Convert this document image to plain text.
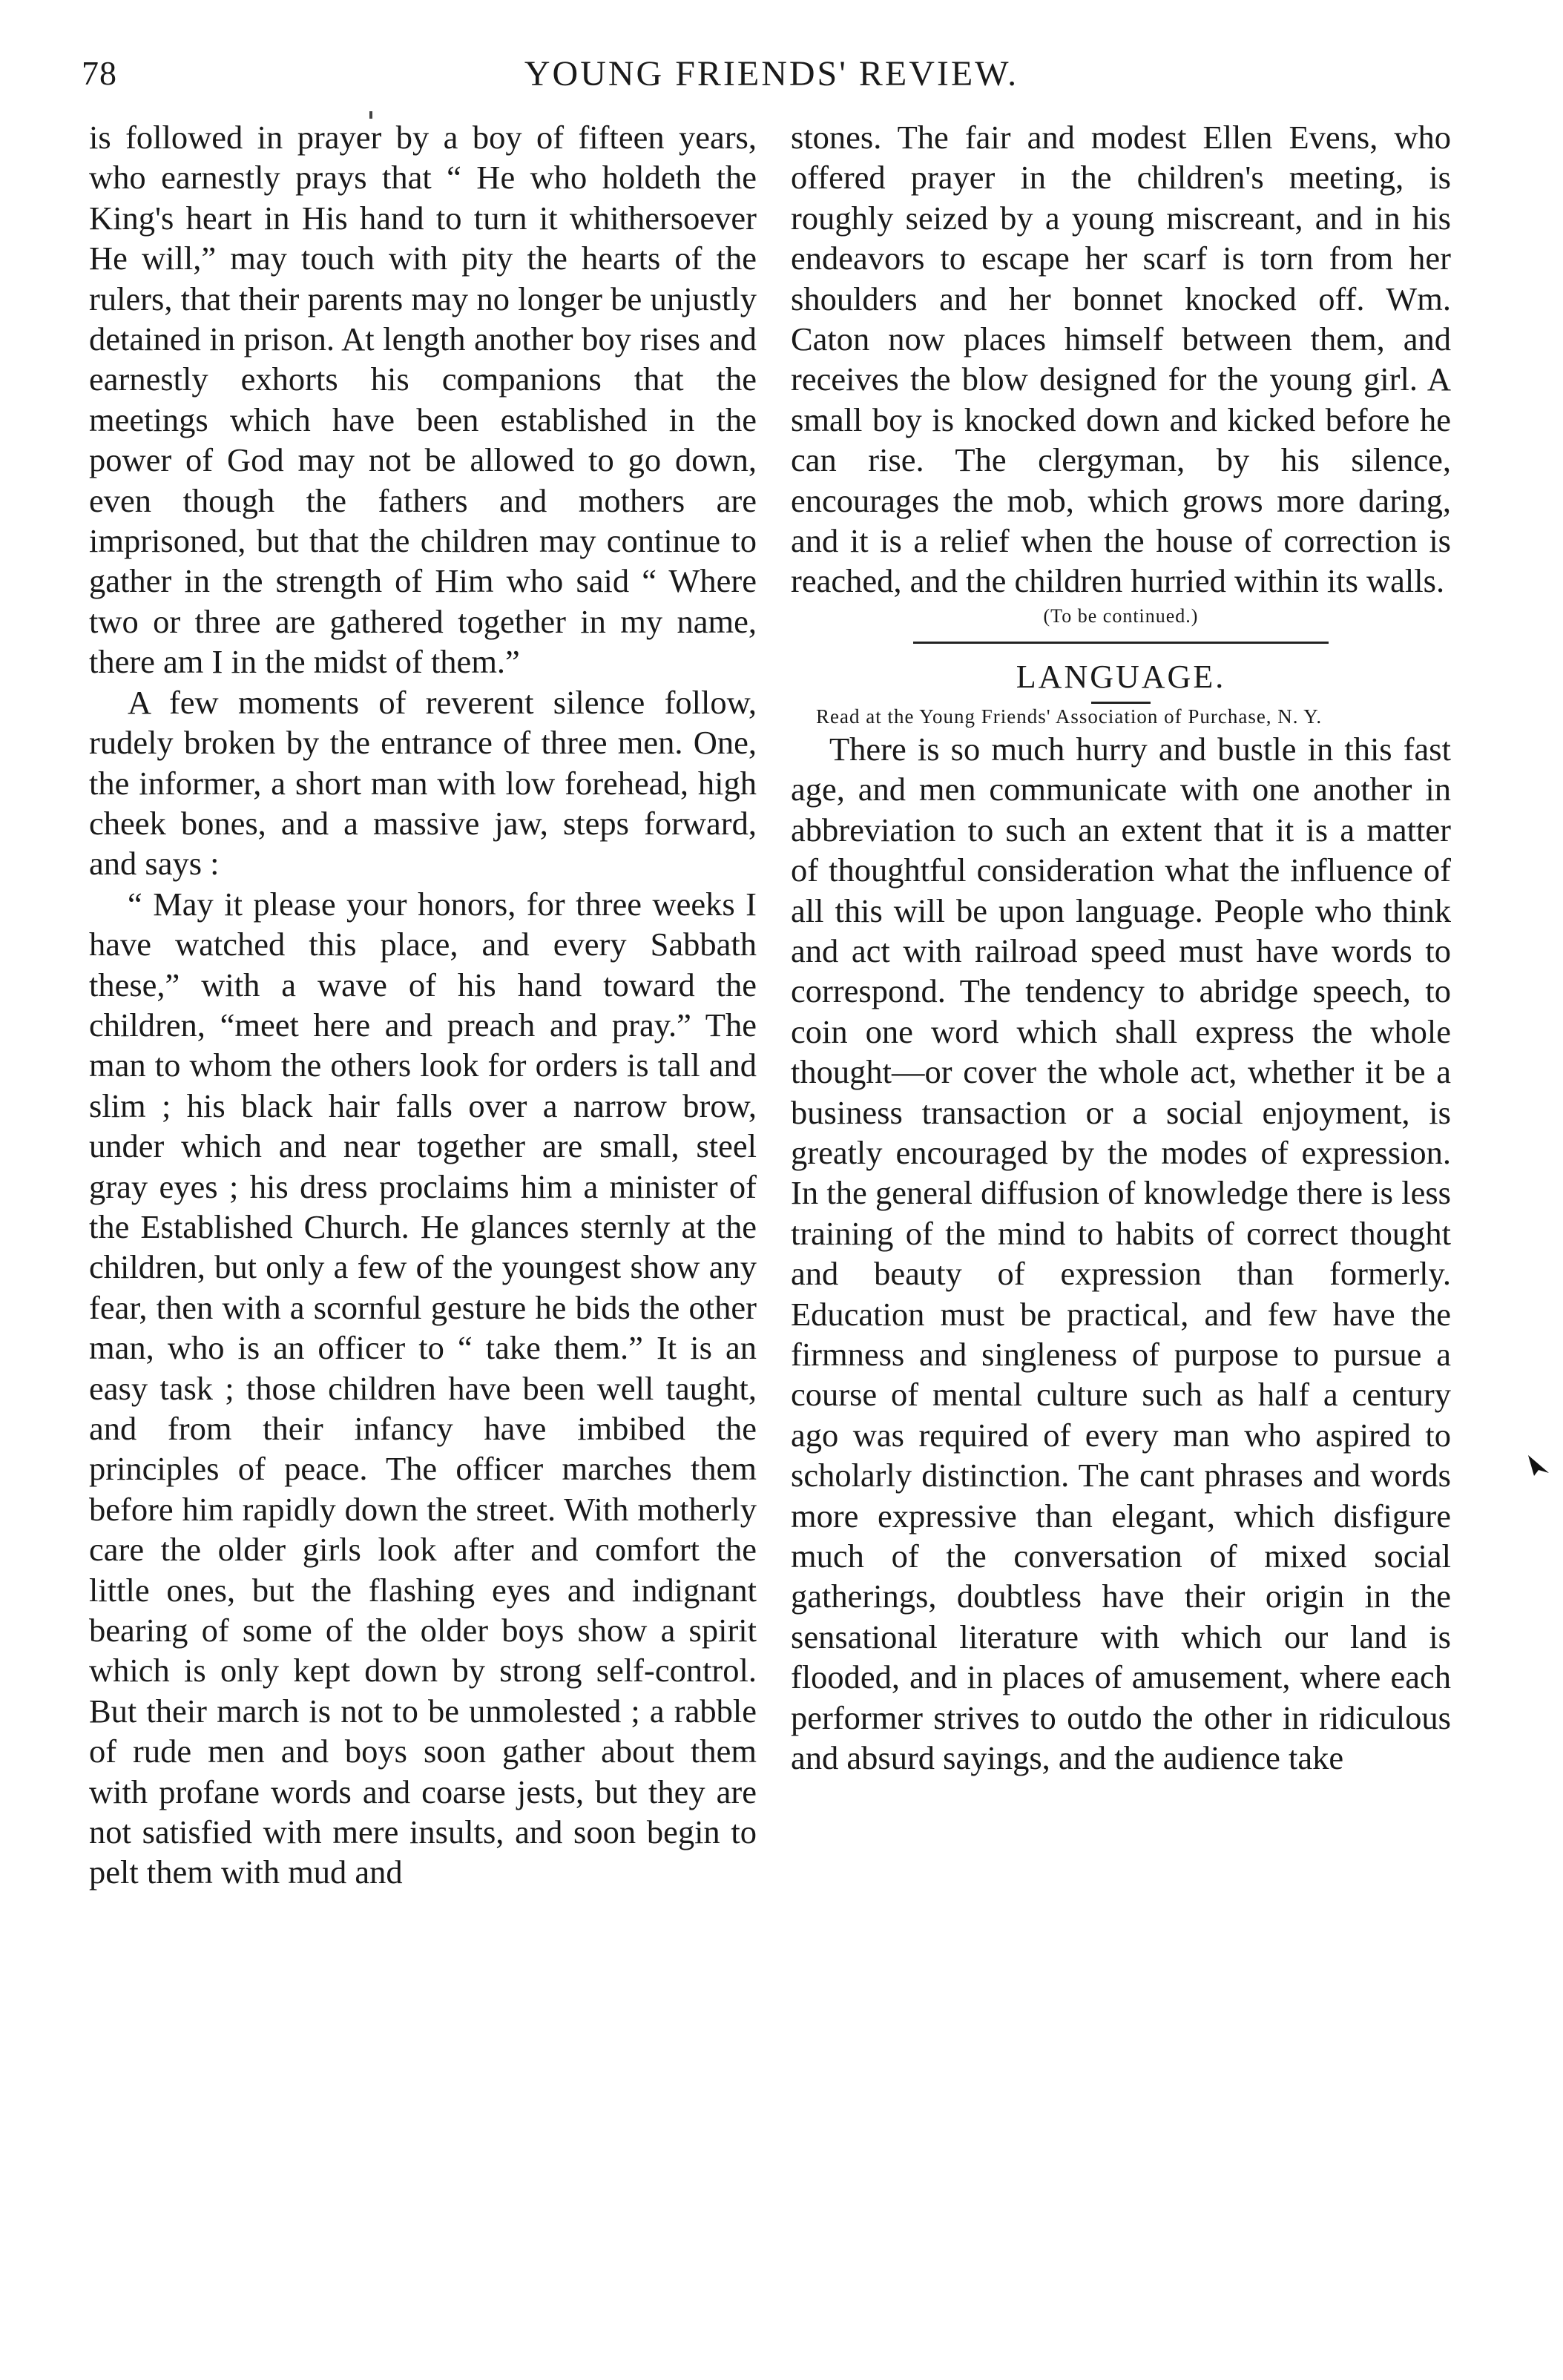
78	YOUNG FRIENDS' REVIEW.

is followed in prayer by a boy of fifteen years, who earnestly prays that “ He who holdeth the King's heart in His hand to turn it whithersoever He will,” may touch with pity the hearts of the rulers, that their parents may no longer be unjustly detained in prison. At length another boy rises and earnestly exhorts his companions that the meetings which have been established in the power of God may not be allowed to go down, even though the fathers and mothers are imprisoned, but that the children may continue to gather in the strength of Him who said “ Where two or three are gathered together in my name, there am I in the midst of them.”

A few moments of reverent silence follow, rudely broken by the entrance of three men. One, the informer, a short man with low forehead, high cheek bones, and a massive jaw, steps forward, and says :

“ May it please your honors, for three weeks I have watched this place, and every Sabbath these,” with a wave of his hand toward the children, “meet here and preach and pray.” The man to whom the others look for orders is tall and slim ; his black hair falls over a narrow brow, under which and near together are small, steel gray eyes ; his dress proclaims him a minister of the Established Church. He glances sternly at the children, but only a few of the youngest show any fear, then with a scornful gesture he bids the other man, who is an officer to “ take them.” It is an easy task ; those children have been well taught, and from their infancy have imbibed the principles of peace. The officer marches them before him rapidly down the street. With motherly care the older girls look after and comfort the little ones, but the flashing eyes and indignant bearing of some of the older boys show a spirit which is only kept down by strong self-control. But their march is not to be unmolested ; a rabble of rude men and boys soon gather about them with profane words and coarse jests, but they are not satisfied with mere insults, and soon begin to pelt them with mud and

stones. The fair and modest Ellen Evens, who offered prayer in the children's meeting, is roughly seized by a young miscreant, and in his endeavors to escape her scarf is torn from her shoulders and her bonnet knocked off. Wm. Caton now places himself between them, and receives the blow designed for the young girl. A small boy is knocked down and kicked before he can rise. The clergyman, by his silence, encourages the mob, which grows more daring, and it is a relief when the house of correction is reached, and the children hurried within its walls.

(To be continued.)

LANGUAGE.

Read at the Young Friends' Association of Purchase, N. Y.

There is so much hurry and bustle in this fast age, and men communicate with one another in abbreviation to such an extent that it is a matter of thoughtful consideration what the influence of all this will be upon language. People who think and act with railroad speed must have words to correspond. The tendency to abridge speech, to coin one word which shall express the whole thought—or cover the whole act, whether it be a business transaction or a social enjoyment, is greatly encouraged by the modes of expression. In the general diffusion of knowledge there is less training of the mind to habits of correct thought and beauty of expression than formerly. Education must be practical, and few have the firmness and singleness of purpose to pursue a course of mental culture such as half a century ago was required of every man who aspired to scholarly distinction. The cant phrases and words more expressive than elegant, which disfigure much of the conversation of mixed social gatherings, doubtless have their origin in the sensational literature with which our land is flooded, and in places of amusement, where each performer strives to outdo the other in ridiculous and absurd sayings, and the audience take
